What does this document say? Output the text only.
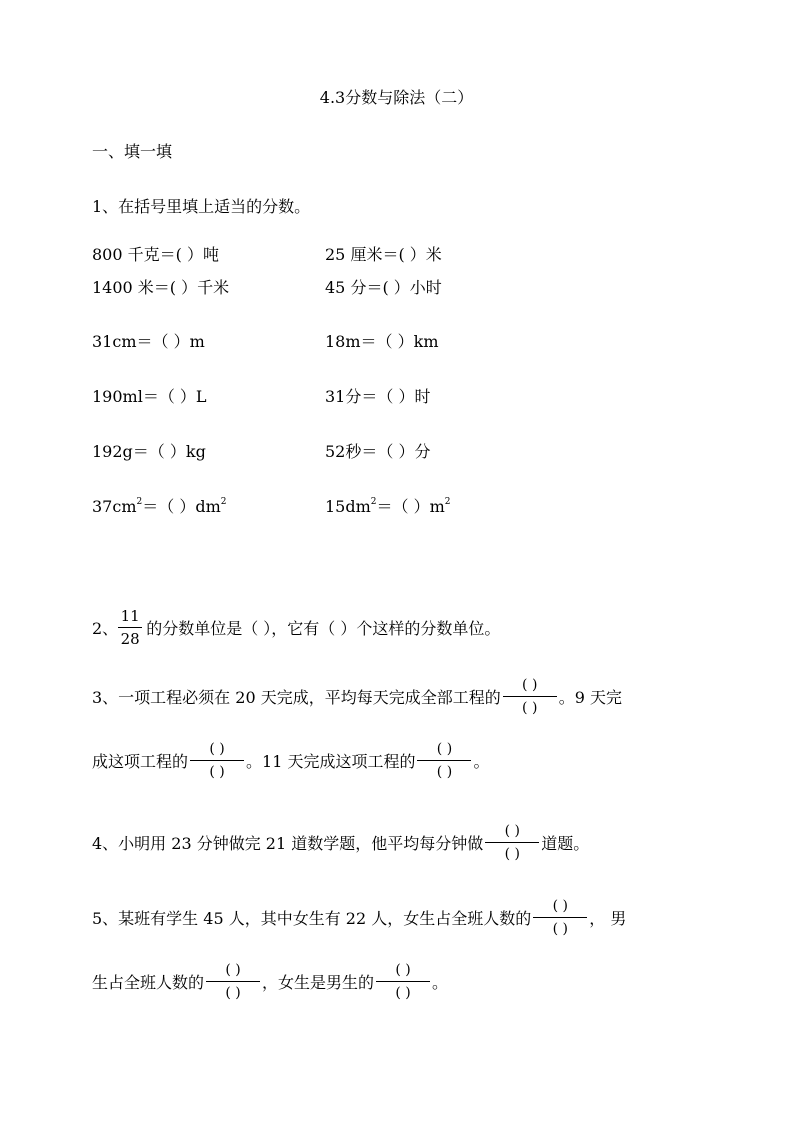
4.3分数与除法（二）
一、填一填
1、在括号里填上适当的分数。
800 千克＝( ）吨	25 厘米＝( ）米
1400 米＝( ）千米	45 分＝( ）小时
31cm＝（ ）m	18m＝（ ）km
190ml＝（ ）L	31分＝（ ）时
192g＝（ ）kg	52秒＝（ ）分
$37cm^2=$（ ）$dm^2$	$15dm^2=$（ ）$m^2$
2、 $\frac{11}{28}$ 的分数单位是（ ），它有（ ）个这样的分数单位。
3、一项工程必须在 20 天完成，平均每天完成全部工程的 $\frac{( )}{( )}$ 。9 天完
成这项工程的 $\frac{( )}{( )}$ 。11 天完成这项工程的 $\frac{( )}{( )}$ 。
4、小明用 23 分钟做完 21 道数学题，他平均每分钟做 $\frac{( )}{( )}$ 道题。
5、某班有学生 45 人，其中女生有 22 人，女生占全班人数的 $\frac{( )}{( )}$ ， 男
生占全班人数的 $\frac{( )}{( )}$ ，女生是男生的 $\frac{( )}{( )}$ 。
